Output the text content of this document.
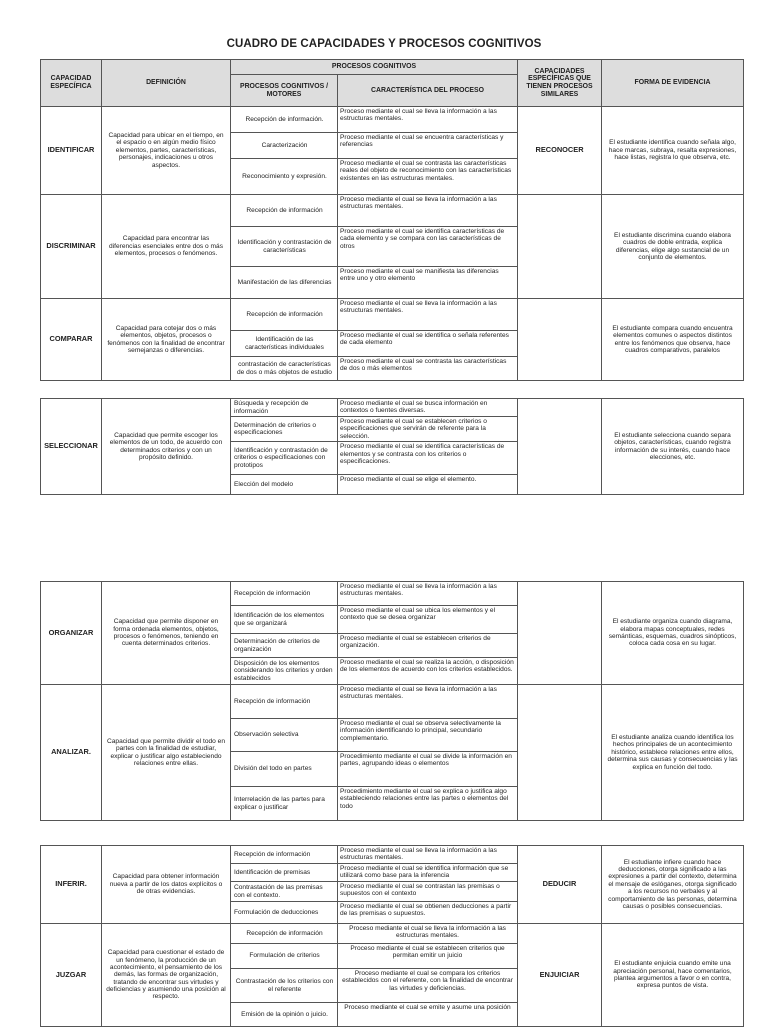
CUADRO DE CAPACIDADES Y PROCESOS COGNITIVOS
CAPACIDAD ESPECÍFICA	DEFINICIÓN	PROCESOS COGNITIVOS		CAPACIDADES ESPECÍFICAS QUE TIENEN PROCESOS SIMILARES	FORMA DE EVIDENCIA
		PROCESOS COGNITIVOS / MOTORES	CARACTERÍSTICA DEL PROCESO		
IDENTIFICAR	Capacidad para ubicar en el tiempo, en el espacio o en algún medio físico elementos, partes, características, personajes, indicaciones u otros aspectos.	Recepción de información.	Proceso mediante el cual se lleva la información a las estructuras mentales.	RECONOCER	El estudiante identifica cuando señala algo, hace marcas, subraya, resalta expresiones, hace listas, registra lo que observa, etc.
		Caracterización	Proceso mediante el cual se encuentra características y referencias		
		Reconocimiento y expresión.	Proceso mediante el cual se contrasta las características reales del objeto de reconocimiento con las características existentes en las estructuras mentales.		
DISCRIMINAR	Capacidad para encontrar las diferencias esenciales entre dos o más elementos, procesos o fenómenos.	Recepción de información	Proceso mediante el cual se lleva la información a las estructuras mentales.		El estudiante discrimina cuando elabora cuadros de doble entrada, explica diferencias, elige algo sustancial de un conjunto de elementos.
		Identificación y contrastación de características	Proceso mediante el cual se identifica características de cada elemento y se compara con las características de otros		
		Manifestación de las diferencias	Proceso mediante el cual se manifiesta las diferencias entre uno y otro elemento		
COMPARAR	Capacidad para cotejar dos o más elementos, objetos, procesos o fenómenos con la finalidad de encontrar semejanzas o diferencias.	Recepción de información	Proceso mediante el cual se lleva la información a las estructuras mentales.		El estudiante compara cuando encuentra elementos comunes o aspectos distintos entre los fenómenos que observa, hace cuadros comparativos, paralelos
		Identificación de las características individuales	Proceso mediante el cual se identifica o señala referentes de cada elemento		
		contrastación de características de dos o más objetos de estudio	Proceso mediante el cual se contrasta las características de dos o más elementos		
SELECCIONAR	Capacidad que permite escoger los elementos de un todo, de acuerdo con determinados criterios y con un propósito definido.	Búsqueda y recepción de información	Proceso mediante el cual se busca información en contextos o fuentes diversas.		El estudiante selecciona cuando separa objetos, características, cuando registra información de su interés, cuando hace elecciones, etc.
		Determinación de criterios o especificaciones	Proceso mediante el cual se establecen criterios o especificaciones que servirán de referente para la selección.		
		Identificación y contrastación de criterios o especificaciones con prototipos	Proceso mediante el cual se identifica características de elementos y se contrasta con los criterios o especificaciones.		
		Elección del modelo	Proceso mediante el cual se elige el elemento.		
ORGANIZAR	Capacidad que permite disponer en forma ordenada elementos, objetos, procesos o fenómenos, teniendo en cuenta determinados criterios.	Recepción de información	Proceso mediante el cual se lleva la información a las estructuras mentales.		El estudiante organiza cuando diagrama, elabora mapas conceptuales, redes semánticas, esquemas, cuadros sinópticos, coloca cada cosa en su lugar.
		Identificación de los elementos que se organizará	Proceso mediante el cual se ubica los elementos y el contexto que se desea organizar		
		Determinación de criterios de organización	Proceso mediante el cual se establecen criterios de organización.		
		Disposición de los elementos considerando los criterios y orden establecidos	Proceso mediante el cual se realiza la acción, o disposición de los elementos de acuerdo con los criterios establecidos.		
ANALIZAR.	Capacidad que permite dividir el todo en partes con la finalidad de estudiar, explicar o justificar algo estableciendo relaciones entre ellas.	Recepción de información	Proceso mediante el cual se lleva la información a las estructuras mentales.		El estudiante analiza cuando identifica los hechos principales de un acontecimiento histórico, establece relaciones entre ellos, determina sus causas y consecuencias y las explica en función del todo.
		Observación selectiva	Proceso mediante el cual se observa selectivamente la información identificando lo principal, secundario complementario.		
		División del todo en partes	Procedimiento mediante el cual se divide la información en partes, agrupando ideas o elementos		
		Interrelación de las partes para explicar o justificar	Procedimiento mediante el cual se explica o justifica algo estableciendo relaciones entre las partes o elementos del todo		
INFERIR.	Capacidad para obtener información nueva a partir de los datos explícitos o de otras evidencias.	Recepción de información	Proceso mediante el cual se lleva la información a las estructuras mentales.	DEDUCIR	El estudiante infiere cuando hace deducciones, otorga significado a las expresiones a partir del contexto, determina el mensaje de eslóganes, otorga significado a los recursos no verbales y al comportamiento de las personas, determina causas o posibles consecuencias.
		Identificación de premisas	Proceso mediante el cual se identifica información que se utilizará como base para la inferencia		
		Contrastación de las premisas con el contexto.	Proceso mediante el cual se contrastan las premisas o supuestos con el contexto		
		Formulación de deducciones	Proceso mediante el cual se obtienen deducciones a partir de las premisas o supuestos.		
JUZGAR	Capacidad para cuestionar el estado de un fenómeno, la producción de un acontecimiento, el pensamiento de los demás, las formas de organización, tratando de encontrar sus virtudes y deficiencias y asumiendo una posición al respecto.	Recepción de información	Proceso mediante el cual se lleva la información a las estructuras mentales.	ENJUICIAR	El estudiante enjuicia cuando emite una apreciación personal, hace comentarios, plantea argumentos a favor o en contra, expresa puntos de vista.
		Formulación de criterios	Proceso mediante el cual se establecen criterios que permitan emitir un juicio		
		Contrastación de los criterios con el referente	Proceso mediante el cual se compara los criterios establecidos con el referente, con la finalidad de encontrar las virtudes y deficiencias.		
		Emisión de la opinión o juicio.	Proceso mediante el cual se emite y asume una posición		
